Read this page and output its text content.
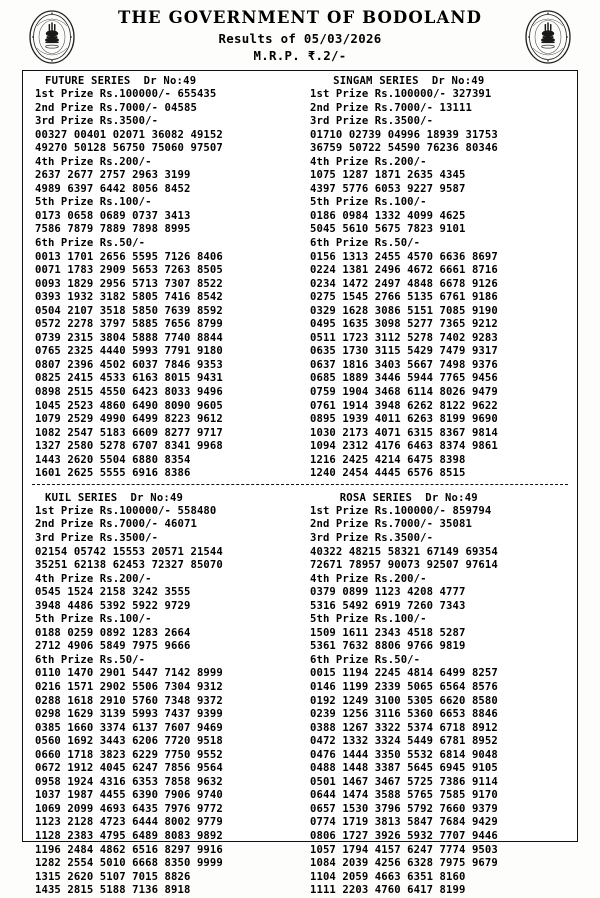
THE GOVERNMENT OF BODOLAND
Results of 05/03/2026
M.R.P. ₹.2/-
FUTURE SERIES  Dr No:49
1st Prize Rs.100000/- 655435
2nd Prize Rs.7000/- 04585
3rd Prize Rs.3500/-
00327 00401 02071 36082 49152
49270 50128 56750 75060 97507
4th Prize Rs.200/-
2637 2677 2757 2963 3199
4989 6397 6442 8056 8452
5th Prize Rs.100/-
0173 0658 0689 0737 3413
7586 7879 7889 7898 8995
6th Prize Rs.50/-
0013 1701 2656 5595 7126 8406
0071 1783 2909 5653 7263 8505
0093 1829 2956 5713 7307 8522
0393 1932 3182 5805 7416 8542
0504 2107 3518 5850 7639 8592
0572 2278 3797 5885 7656 8799
0739 2315 3804 5888 7740 8844
0765 2325 4440 5993 7791 9180
0807 2396 4502 6037 7846 9353
0825 2415 4533 6163 8015 9431
0898 2515 4550 6423 8033 9496
1045 2523 4860 6490 8090 9605
1079 2529 4990 6499 8223 9612
1082 2547 5183 6609 8277 9717
1327 2580 5278 6707 8341 9968
1443 2620 5504 6880 8354
1601 2625 5555 6916 8386
SINGAM SERIES  Dr No:49
1st Prize Rs.100000/- 327391
2nd Prize Rs.7000/- 13111
3rd Prize Rs.3500/-
01710 02739 04996 18939 31753
36759 50722 54590 76236 80346
4th Prize Rs.200/-
1075 1287 1871 2635 4345
4397 5776 6053 9227 9587
5th Prize Rs.100/-
0186 0984 1332 4099 4625
5045 5610 5675 7823 9101
6th Prize Rs.50/-
0156 1313 2455 4570 6636 8697
0224 1381 2496 4672 6661 8716
0234 1472 2497 4848 6678 9126
0275 1545 2766 5135 6761 9186
0329 1628 3086 5151 7085 9190
0495 1635 3098 5277 7365 9212
0511 1723 3112 5278 7402 9283
0635 1730 3115 5429 7479 9317
0637 1816 3403 5667 7498 9376
0685 1889 3446 5944 7765 9456
0759 1904 3468 6114 8026 9479
0761 1914 3948 6262 8122 9622
0895 1939 4011 6263 8199 9690
1030 2173 4071 6315 8367 9814
1094 2312 4176 6463 8374 9861
1216 2425 4214 6475 8398
1240 2454 4445 6576 8515
KUIL SERIES  Dr No:49
1st Prize Rs.100000/- 558480
2nd Prize Rs.7000/- 46071
3rd Prize Rs.3500/-
02154 05742 15553 20571 21544
35251 62138 62453 72327 85070
4th Prize Rs.200/-
0545 1524 2158 3242 3555
3948 4486 5392 5922 9729
5th Prize Rs.100/-
0188 0259 0892 1283 2664
2712 4906 5849 7975 9666
6th Prize Rs.50/-
0110 1470 2901 5447 7142 8999
0216 1571 2902 5506 7304 9312
0288 1618 2910 5760 7348 9372
0298 1629 3139 5993 7437 9399
0385 1660 3374 6137 7607 9469
0560 1692 3443 6206 7720 9518
0660 1718 3823 6229 7750 9552
0672 1912 4045 6247 7856 9564
0958 1924 4316 6353 7858 9632
1037 1987 4455 6390 7906 9740
1069 2099 4693 6435 7976 9772
1123 2128 4723 6444 8002 9779
1128 2383 4795 6489 8083 9892
1196 2484 4862 6516 8297 9916
1282 2554 5010 6668 8350 9999
1315 2620 5107 7015 8826
1435 2815 5188 7136 8918
ROSA SERIES  Dr No:49
1st Prize Rs.100000/- 859794
2nd Prize Rs.7000/- 35081
3rd Prize Rs.3500/-
40322 48215 58321 67149 69354
72671 78957 90073 92507 97614
4th Prize Rs.200/-
0379 0899 1123 4208 4777
5316 5492 6919 7260 7343
5th Prize Rs.100/-
1509 1611 2343 4518 5287
5361 7632 8806 9766 9819
6th Prize Rs.50/-
0015 1194 2245 4814 6499 8257
0146 1199 2339 5065 6564 8576
0192 1249 3100 5305 6620 8580
0239 1256 3116 5360 6653 8846
0388 1267 3322 5374 6718 8912
0472 1332 3324 5449 6781 8952
0476 1444 3350 5532 6814 9048
0488 1448 3387 5645 6945 9105
0501 1467 3467 5725 7386 9114
0644 1474 3588 5765 7585 9170
0657 1530 3796 5792 7660 9379
0774 1719 3813 5847 7684 9429
0806 1727 3926 5932 7707 9446
1057 1794 4157 6247 7774 9503
1084 2039 4256 6328 7975 9679
1104 2059 4663 6351 8160
1111 2203 4760 6417 8199
